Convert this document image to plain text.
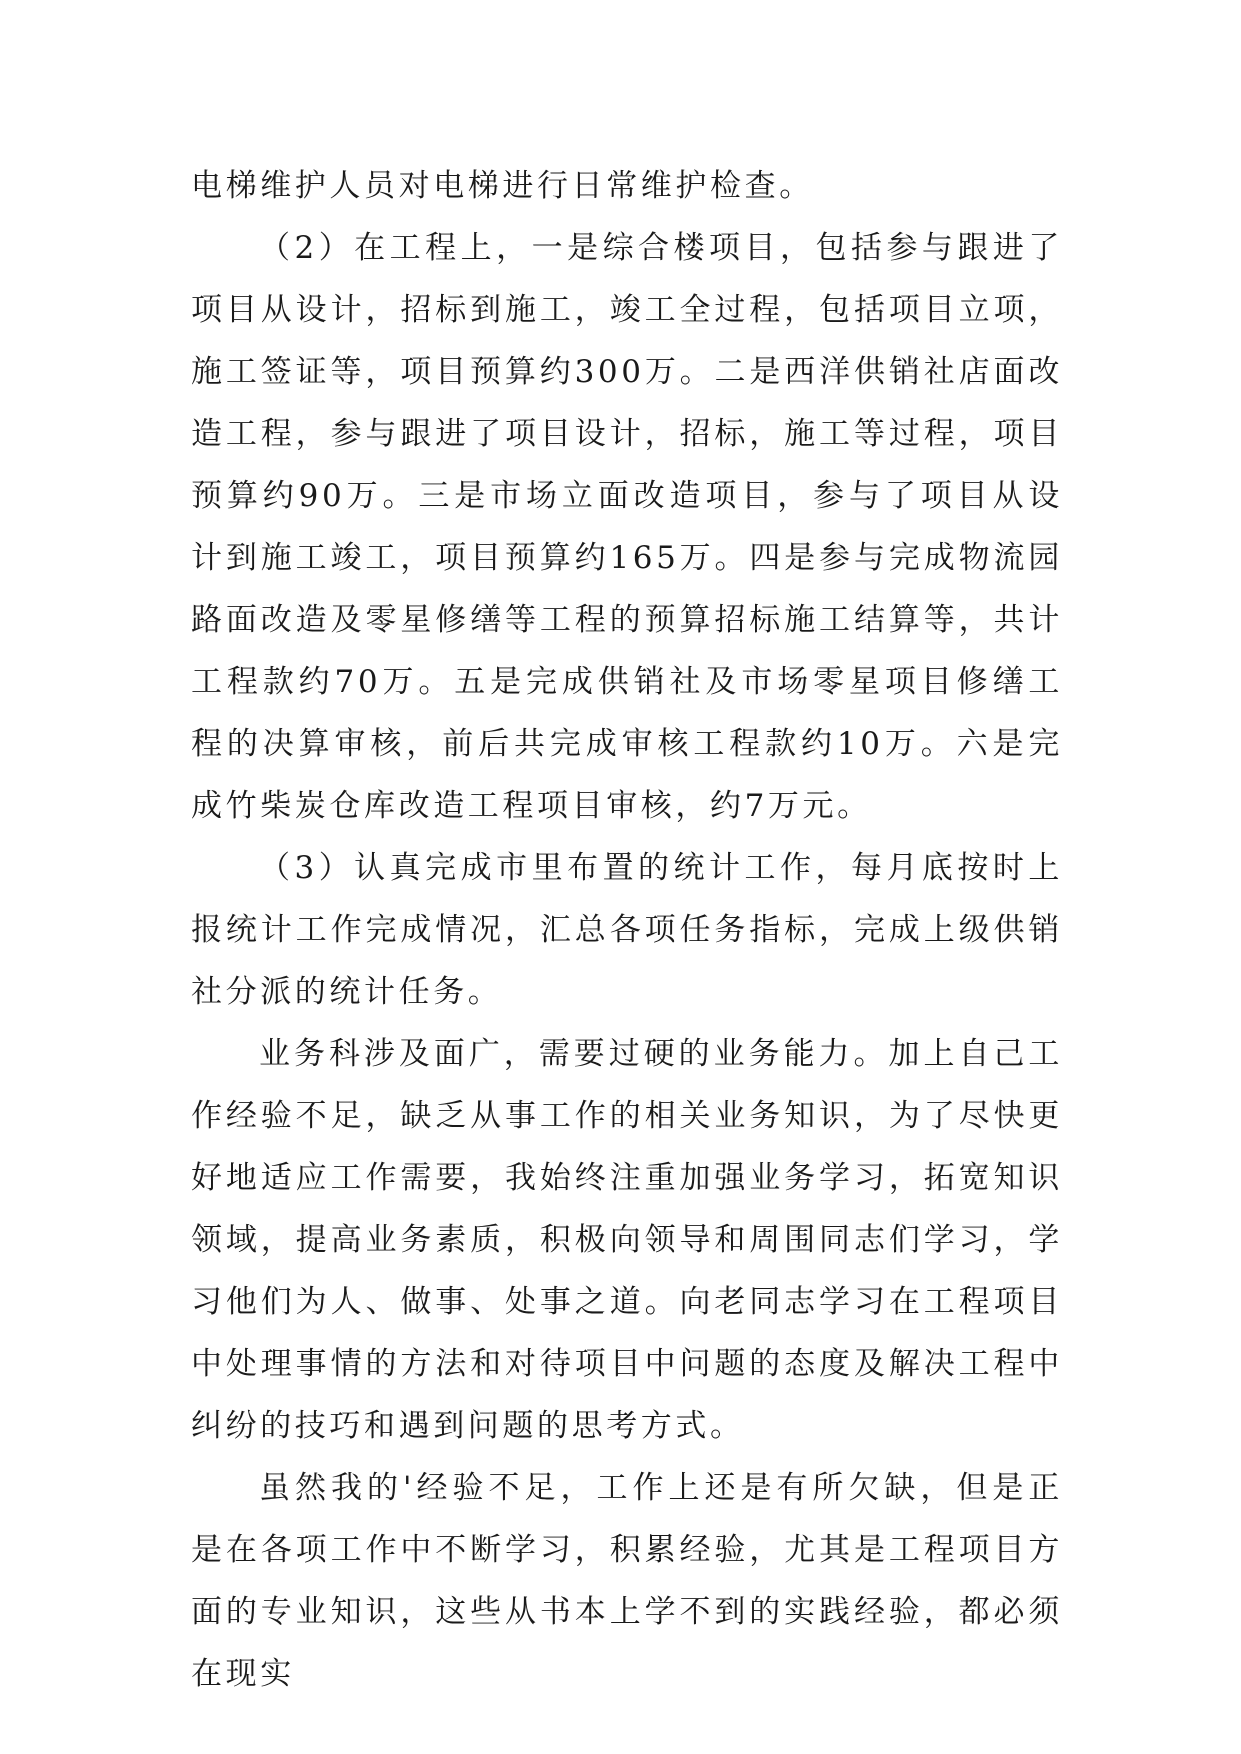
电梯维护人员对电梯进行日常维护检查。

（2）在工程上，一是综合楼项目，包括参与跟进了项目从设计，招标到施工，竣工全过程，包括项目立项，施工签证等，项目预算约300万。二是西洋供销社店面改造工程，参与跟进了项目设计，招标，施工等过程，项目预算约90万。三是市场立面改造项目，参与了项目从设计到施工竣工，项目预算约165万。四是参与完成物流园路面改造及零星修缮等工程的预算招标施工结算等，共计工程款约70万。五是完成供销社及市场零星项目修缮工程的决算审核，前后共完成审核工程款约10万。六是完成竹柴炭仓库改造工程项目审核，约7万元。

（3）认真完成市里布置的统计工作，每月底按时上报统计工作完成情况，汇总各项任务指标，完成上级供销社分派的统计任务。

业务科涉及面广，需要过硬的业务能力。加上自己工作经验不足，缺乏从事工作的相关业务知识，为了尽快更好地适应工作需要，我始终注重加强业务学习，拓宽知识领域，提高业务素质，积极向领导和周围同志们学习，学习他们为人、做事、处事之道。向老同志学习在工程项目中处理事情的方法和对待项目中问题的态度及解决工程中纠纷的技巧和遇到问题的思考方式。

虽然我的'经验不足，工作上还是有所欠缺，但是正是在各项工作中不断学习，积累经验，尤其是工程项目方面的专业知识，这些从书本上学不到的实践经验，都必须在现实
